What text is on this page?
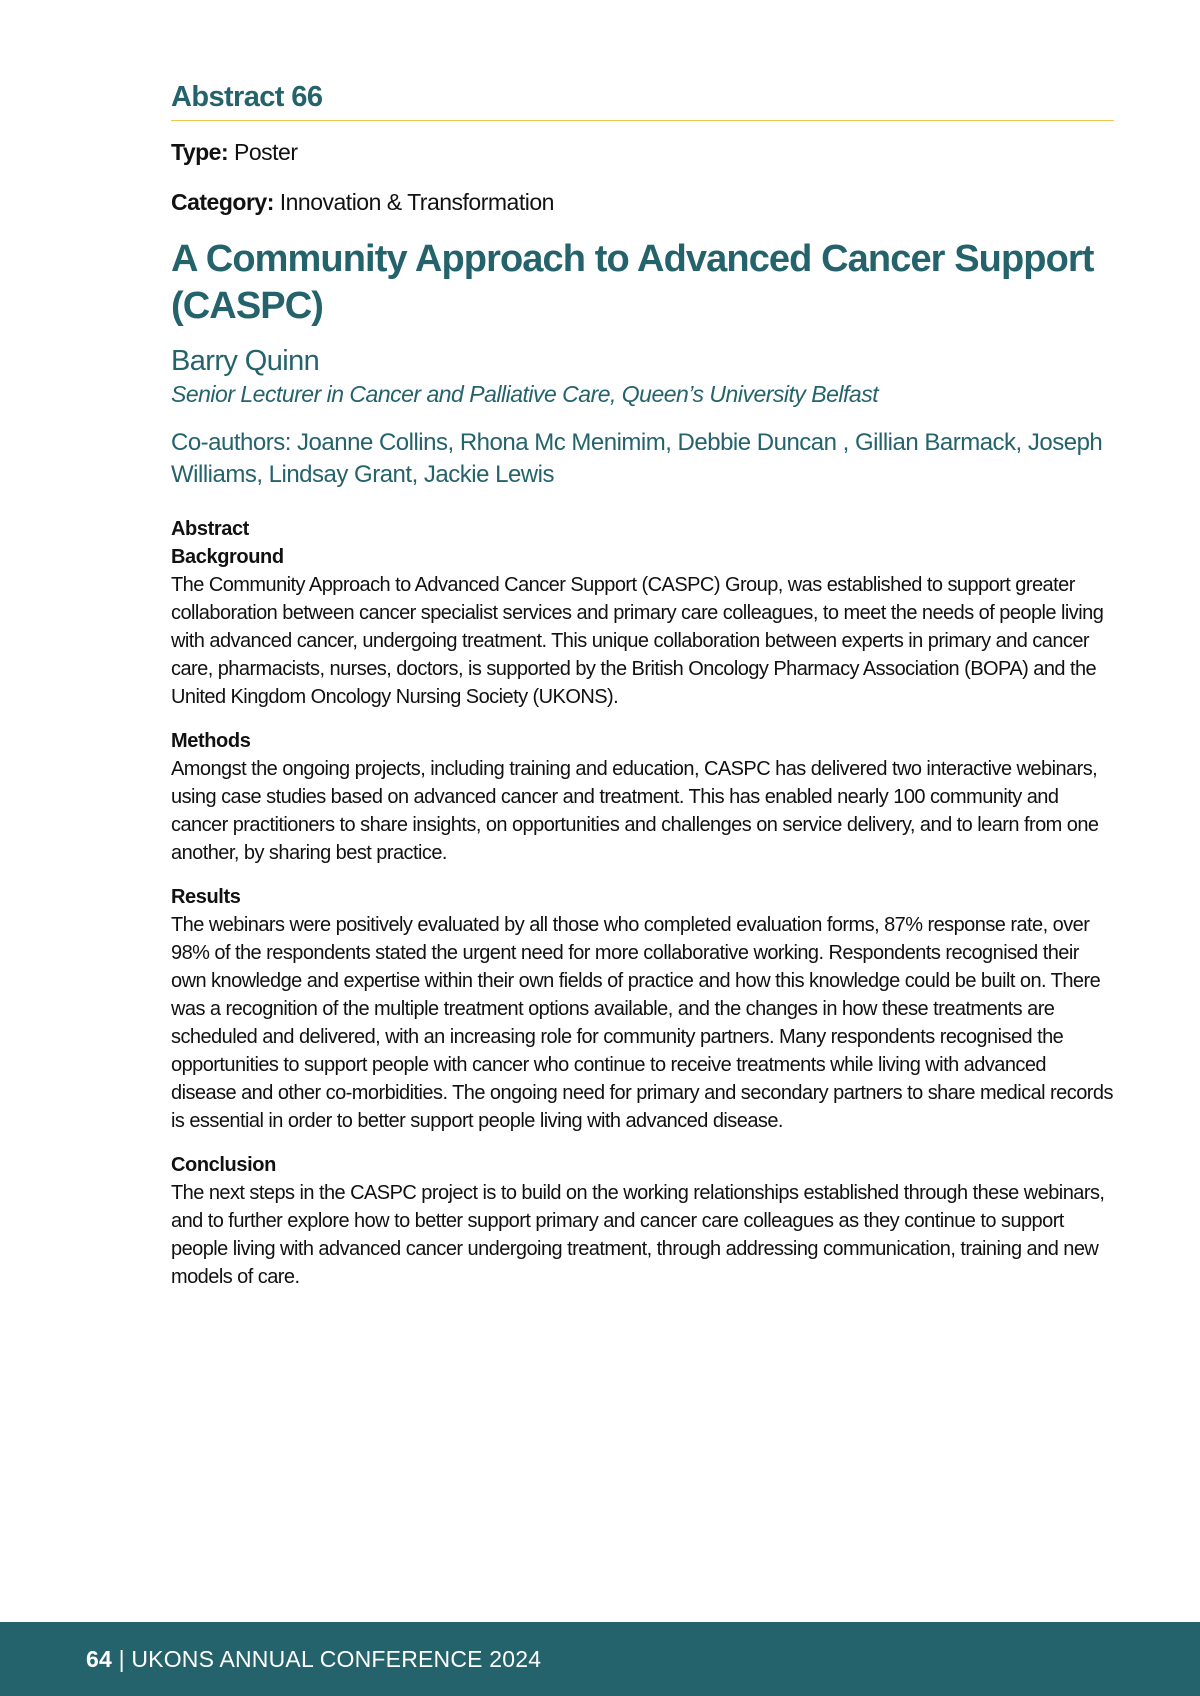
Abstract 66

Type: Poster

Category: Innovation & Transformation

A Community Approach to Advanced Cancer Support (CASPC)

Barry Quinn

Senior Lecturer in Cancer and Palliative Care, Queen’s University Belfast

Co-authors: Joanne Collins, Rhona Mc Menimim, Debbie Duncan , Gillian Barmack, Joseph Williams, Lindsay Grant, Jackie Lewis

Abstract

Background

The Community Approach to Advanced Cancer Support (CASPC) Group, was established to support greater collaboration between cancer specialist services and primary care colleagues, to meet the needs of people living with advanced cancer, undergoing treatment. This unique collaboration between experts in primary and cancer care, pharmacists, nurses, doctors, is supported by the British Oncology Pharmacy Association (BOPA) and the United Kingdom Oncology Nursing Society (UKONS).

Methods

Amongst the ongoing projects, including training and education, CASPC has delivered two interactive webinars, using case studies based on advanced cancer and treatment. This has enabled nearly 100 community and cancer practitioners to share insights, on opportunities and challenges on service delivery, and to learn from one another, by sharing best practice.

Results

The webinars were positively evaluated by all those who completed evaluation forms, 87% response rate, over 98% of the respondents stated the urgent need for more collaborative working. Respondents recognised their own knowledge and expertise within their own fields of practice and how this knowledge could be built on. There was a recognition of the multiple treatment options available, and the changes in how these treatments are scheduled and delivered, with an increasing role for community partners. Many respondents recognised the opportunities to support people with cancer who continue to receive treatments while living with advanced disease and other co-morbidities. The ongoing need for primary and secondary partners to share medical records is essential in order to better support people living with advanced disease.

Conclusion

The next steps in the CASPC project is to build on the working relationships established through these webinars, and to further explore how to better support primary and cancer care colleagues as they continue to support people living with advanced cancer undergoing treatment, through addressing communication, training and new models of care.

64 | UKONS ANNUAL CONFERENCE 2024
